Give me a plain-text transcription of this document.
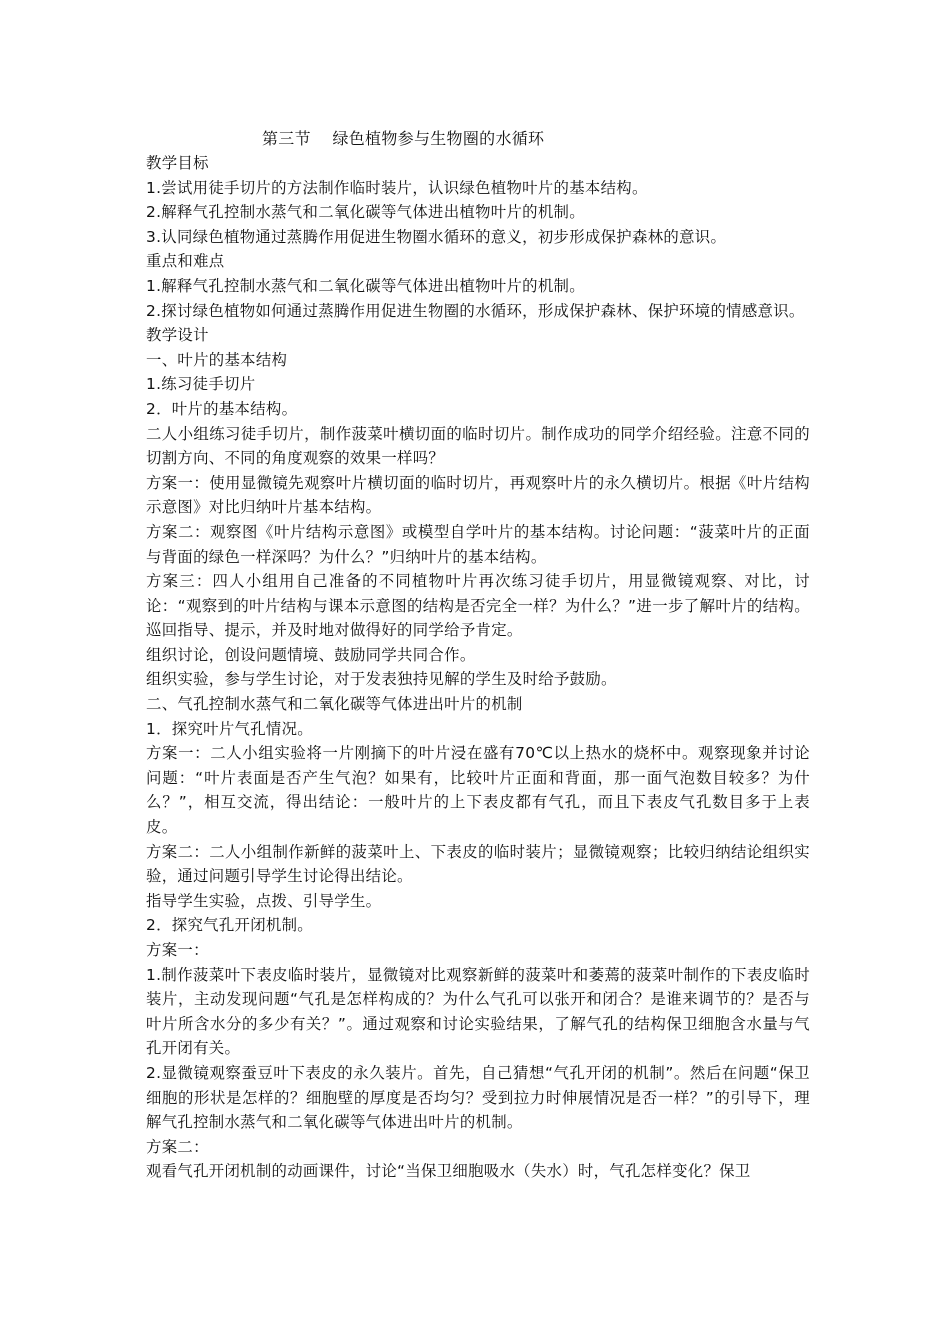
第三节    绿色植物参与生物圈的水循环

教学目标

1.尝试用徒手切片的方法制作临时装片，认识绿色植物叶片的基本结构。

2.解释气孔控制水蒸气和二氧化碳等气体进出植物叶片的机制。

3.认同绿色植物通过蒸腾作用促进生物圈水循环的意义，初步形成保护森林的意识。

重点和难点

1.解释气孔控制水蒸气和二氧化碳等气体进出植物叶片的机制。

2.探讨绿色植物如何通过蒸腾作用促进生物圈的水循环，形成保护森林、保护环境的情感意识。

教学设计

一、叶片的基本结构

1.练习徒手切片

2．叶片的基本结构。

二人小组练习徒手切片，制作菠菜叶横切面的临时切片。制作成功的同学介绍经验。注意不同的切割方向、不同的角度观察的效果一样吗？

方案一：使用显微镜先观察叶片横切面的临时切片，再观察叶片的永久横切片。根据《叶片结构示意图》对比归纳叶片基本结构。

方案二：观察图《叶片结构示意图》或模型自学叶片的基本结构。讨论问题：“菠菜叶片的正面与背面的绿色一样深吗？为什么？”归纳叶片的基本结构。

方案三：四人小组用自己准备的不同植物叶片再次练习徒手切片，用显微镜观察、对比，讨论：“观察到的叶片结构与课本示意图的结构是否完全一样？为什么？”进一步了解叶片的结构。巡回指导、提示，并及时地对做得好的同学给予肯定。

组织讨论，创设问题情境、鼓励同学共同合作。

组织实验，参与学生讨论，对于发表独持见解的学生及时给予鼓励。

二、气孔控制水蒸气和二氧化碳等气体进出叶片的机制

1．探究叶片气孔情况。

方案一：二人小组实验将一片刚摘下的叶片浸在盛有70℃以上热水的烧杯中。观察现象并讨论问题：“叶片表面是否产生气泡？如果有，比较叶片正面和背面，那一面气泡数目较多？为什么？”，相互交流，得出结论：一般叶片的上下表皮都有气孔，而且下表皮气孔数目多于上表皮。

方案二：二人小组制作新鲜的菠菜叶上、下表皮的临时装片；显微镜观察；比较归纳结论组织实验，通过问题引导学生讨论得出结论。

指导学生实验，点拨、引导学生。

2．探究气孔开闭机制。

方案一：

1.制作菠菜叶下表皮临时装片，显微镜对比观察新鲜的菠菜叶和萎蔫的菠菜叶制作的下表皮临时装片，主动发现问题“气孔是怎样构成的？为什么气孔可以张开和闭合？是谁来调节的？是否与叶片所含水分的多少有关？”。通过观察和讨论实验结果，了解气孔的结构保卫细胞含水量与气孔开闭有关。

2.显微镜观察蚕豆叶下表皮的永久装片。首先，自己猜想“气孔开闭的机制”。然后在问题“保卫细胞的形状是怎样的？细胞壁的厚度是否均匀？受到拉力时伸展情况是否一样？”的引导下，理解气孔控制水蒸气和二氧化碳等气体进出叶片的机制。

方案二：

观看气孔开闭机制的动画课件，讨论“当保卫细胞吸水（失水）时，气孔怎样变化？保卫
